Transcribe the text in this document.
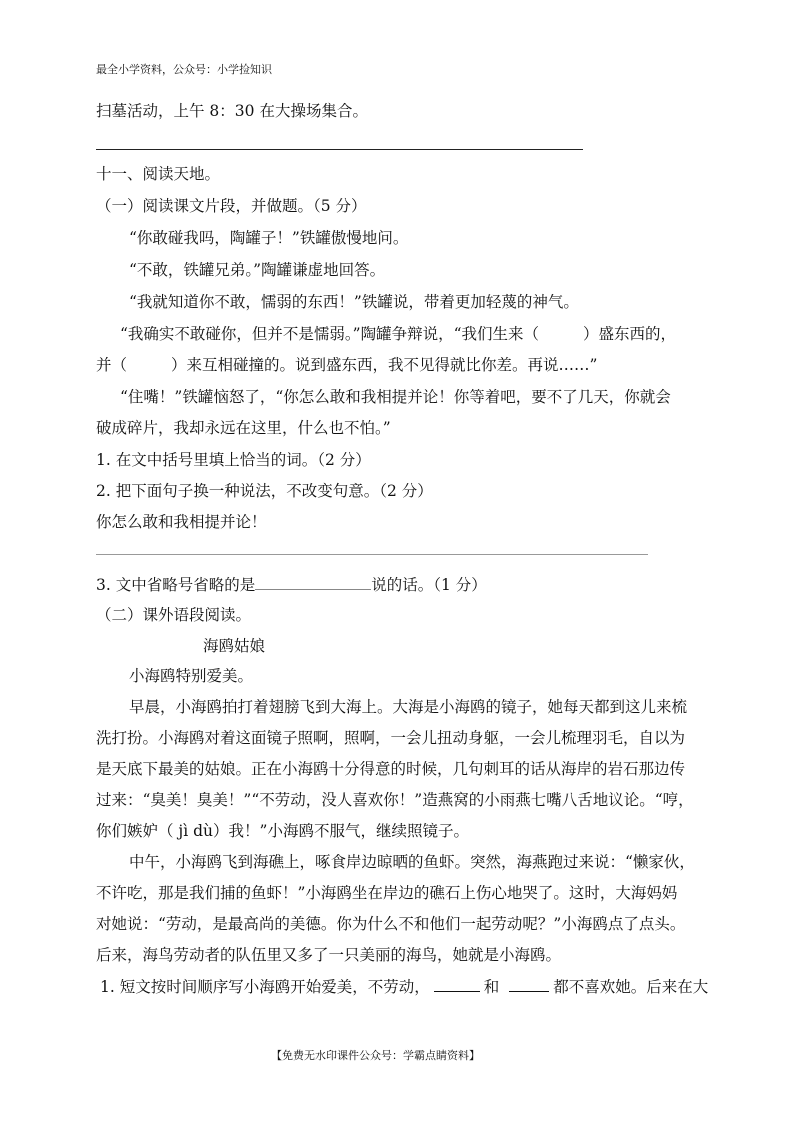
最全小学资料，公众号：小学捡知识
扫墓活动，上午 8：30 在大操场集合。
十一、阅读天地。
（一）阅读课文片段，并做题。（5 分）
“你敢碰我吗，陶罐子！”铁罐傲慢地问。
“不敢，铁罐兄弟。”陶罐谦虚地回答。
“我就知道你不敢，懦弱的东西！”铁罐说，带着更加轻蔑的神气。
“我确实不敢碰你，但并不是懦弱。”陶罐争辩说，“我们生来（	）盛东西的，
并（	）来互相碰撞的。说到盛东西，我不见得就比你差。再说……”
“住嘴！”铁罐恼怒了，“你怎么敢和我相提并论！你等着吧，要不了几天，你就会
破成碎片，我却永远在这里，什么也不怕。”
1. 在文中括号里填上恰当的词。（2 分）
2. 把下面句子换一种说法，不改变句意。（2 分）
你怎么敢和我相提并论！
3. 文中省略号省略的是	说的话。（1 分）
（二）课外语段阅读。
海鸥姑娘
小海鸥特别爱美。
早晨，小海鸥拍打着翅膀飞到大海上。大海是小海鸥的镜子，她每天都到这儿来梳
洗打扮。小海鸥对着这面镜子照啊，照啊，一会儿扭动身躯，一会儿梳理羽毛，自以为
是天底下最美的姑娘。正在小海鸥十分得意的时候，几句刺耳的话从海岸的岩石那边传
过来：“臭美！臭美！”“不劳动，没人喜欢你！”造燕窝的小雨燕七嘴八舌地议论。“哼，
你们嫉妒（ jì dù）我！”小海鸥不服气，继续照镜子。
中午，小海鸥飞到海礁上，啄食岸边晾晒的鱼虾。突然，海燕跑过来说：“懒家伙，
不许吃，那是我们捕的鱼虾！”小海鸥坐在岸边的礁石上伤心地哭了。这时，大海妈妈
对她说：“劳动，是最高尚的美德。你为什么不和他们一起劳动呢？”小海鸥点了点头。
后来，海鸟劳动者的队伍里又多了一只美丽的海鸟，她就是小海鸥。
1. 短文按时间顺序写小海鸥开始爱美，不劳动，	和	都不喜欢她。后来在大
【免费无水印课件公众号：学霸点睛资料】
